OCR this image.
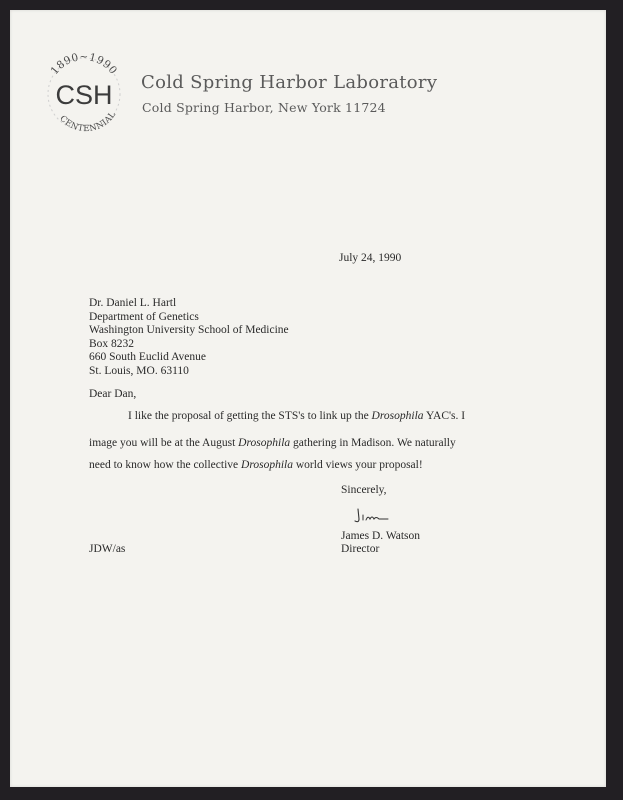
1890~1990
CSH
CENTENNIAL
Cold Spring Harbor Laboratory
Cold Spring Harbor, New York 11724
July 24, 1990
Dr. Daniel L. Hartl
Department of Genetics
Washington University School of Medicine
Box 8232
660 South Euclid Avenue
St. Louis, MO. 63110
Dear Dan,
I like the proposal of getting the STS's to link up the Drosophila YAC's. I
image you will be at the August Drosophila gathering in Madison. We naturally
need to know how the collective Drosophila world views your proposal!
Sincerely,
James D. Watson
Director
JDW/as
